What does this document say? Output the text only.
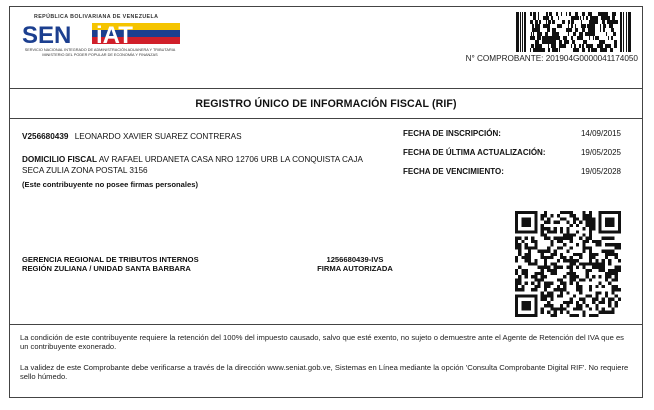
REPÚBLICA BOLIVARIANA DE VENEZUELA
SEN iAT
SERVICIO NACIONAL INTEGRADO DE ADMINISTRACIÓN ADUANERA Y TRIBUTARIA
MINISTERIO DEL PODER POPULAR DE ECONOMÍA Y FINANZAS	N° COMPROBANTE: 201904G0000041174050
REGISTRO ÚNICO DE INFORMACIÓN FISCAL (RIF)
V256680439 LEONARDO XAVIER SUAREZ CONTRERAS
DOMICILIO FISCAL AV RAFAEL URDANETA CASA NRO 12706 URB LA CONQUISTA CAJA SECA ZULIA ZONA POSTAL 3156
(Este contribuyente no posee firmas personales)
FECHA DE INSCRIPCIÓN:	14/09/2015
FECHA DE ÚLTIMA ACTUALIZACIÓN:	19/05/2025
FECHA DE VENCIMIENTO:	19/05/2028
GERENCIA REGIONAL DE TRIBUTOS INTERNOS
REGIÓN ZULIANA / UNIDAD SANTA BARBARA
1256680439-IVS
FIRMA AUTORIZADA
La condición de este contribuyente requiere la retención del 100% del impuesto causado, salvo que esté exento, no sujeto o demuestre ante el Agente de Retención del IVA que es un contribuyente exonerado.
La validez de este Comprobante debe verificarse a través de la dirección www.seniat.gob.ve, Sistemas en Línea mediante la opción 'Consulta Comprobante Digital RIF'. No requiere sello húmedo.
